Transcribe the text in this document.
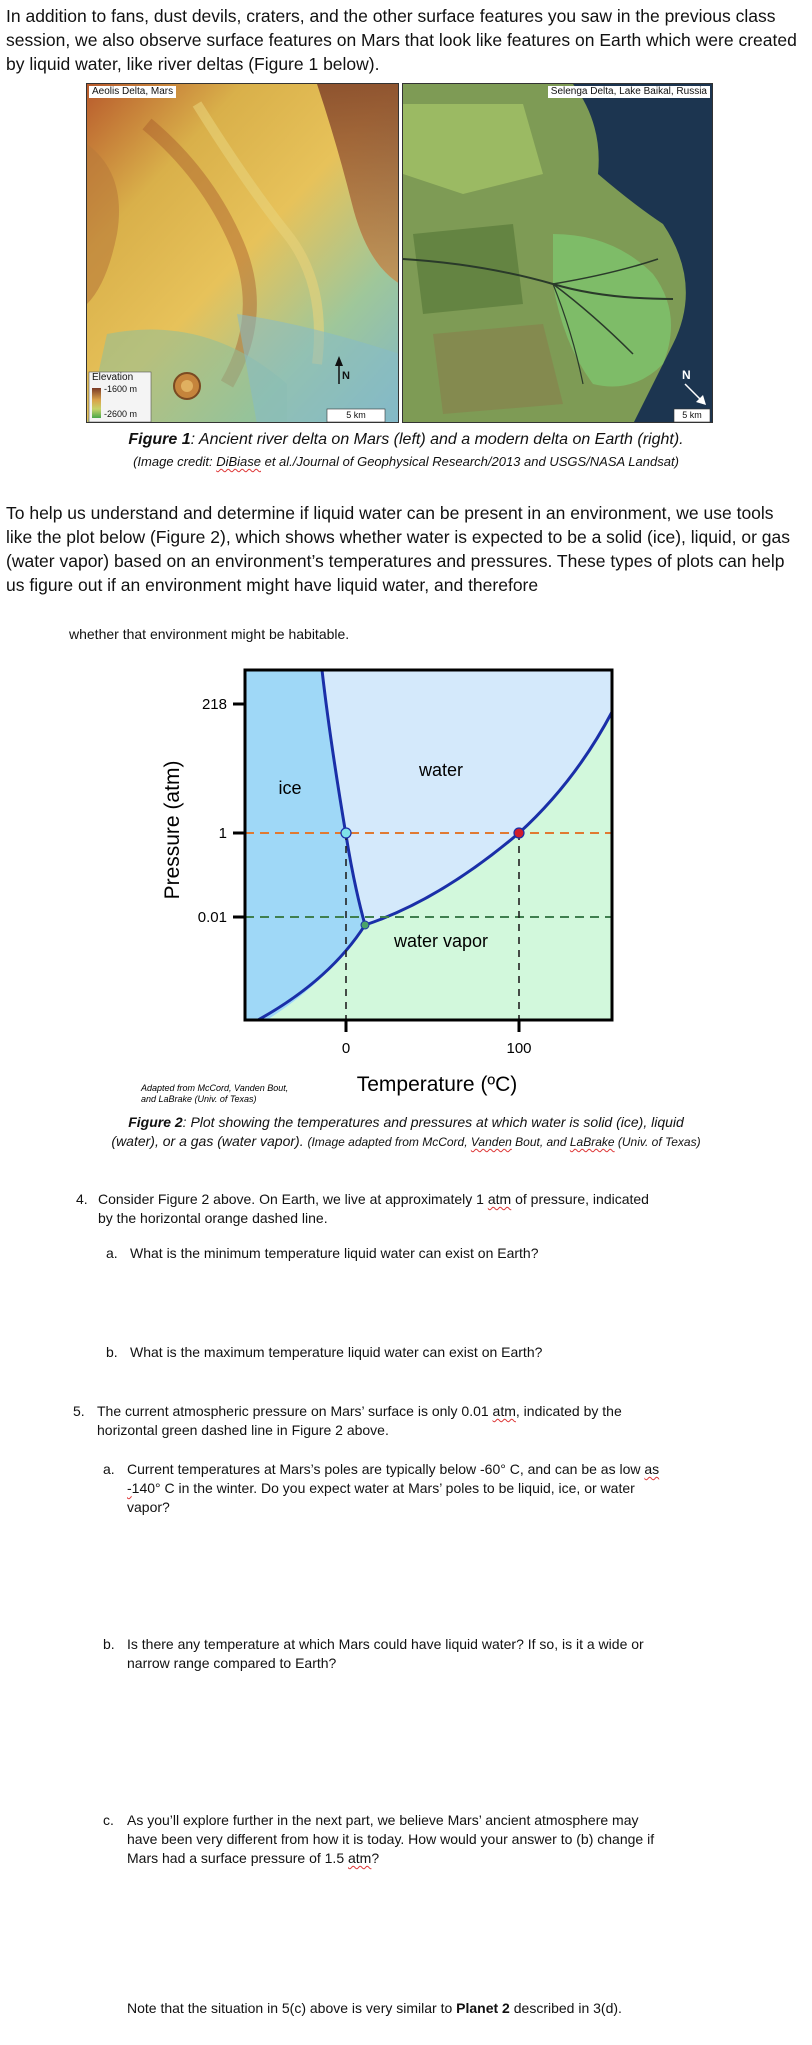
In addition to fans, dust devils, craters, and the other surface features you saw in the previous class session, we also observe surface features on Mars that look like features on Earth which were created by liquid water, like river deltas (Figure 1 below).

Aeolis Delta, Mars
Elevation
-1600 m
-2600 m
N
5 km
Selenga Delta, Lake Baikal, Russia
N
5 km

Figure 1: Ancient river delta on Mars (left) and a modern delta on Earth (right).

(Image credit: DiBiase et al./Journal of Geophysical Research/2013 and USGS/NASA Landsat)

To help us understand and determine if liquid water can be present in an environment, we use tools like the plot below (Figure 2), which shows whether water is expected to be a solid (ice), liquid, or gas (water vapor) based on an environment’s temperatures and pressures. These types of plots can help us figure out if an environment might have liquid water, and therefore

whether that environment might be habitable.

218
1
0.01
0	100
ice
water
water vapor
Temperature (ºC)
Pressure (atm)
Adapted from McCord, Vanden Bout,
and LaBrake (Univ. of Texas)

Figure 2: Plot showing the temperatures and pressures at which water is solid (ice), liquid

(water), or a gas (water vapor). (Image adapted from McCord, Vanden Bout, and LaBrake (Univ. of Texas)

4. Consider Figure 2 above. On Earth, we live at approximately 1 atm of pressure, indicated
by the horizontal orange dashed line.
a. What is the minimum temperature liquid water can exist on Earth?
b. What is the maximum temperature liquid water can exist on Earth?
5. The current atmospheric pressure on Mars’ surface is only 0.01 atm, indicated by the
horizontal green dashed line in Figure 2 above.
a. Current temperatures at Mars’s poles are typically below -60° C, and can be as low as
-140° C in the winter. Do you expect water at Mars’ poles to be liquid, ice, or water
vapor?
b. Is there any temperature at which Mars could have liquid water? If so, is it a wide or
narrow range compared to Earth?
c. As you’ll explore further in the next part, we believe Mars’ ancient atmosphere may
have been very different from how it is today. How would your answer to (b) change if
Mars had a surface pressure of 1.5 atm?

Note that the situation in 5(c) above is very similar to Planet 2 described in 3(d).
